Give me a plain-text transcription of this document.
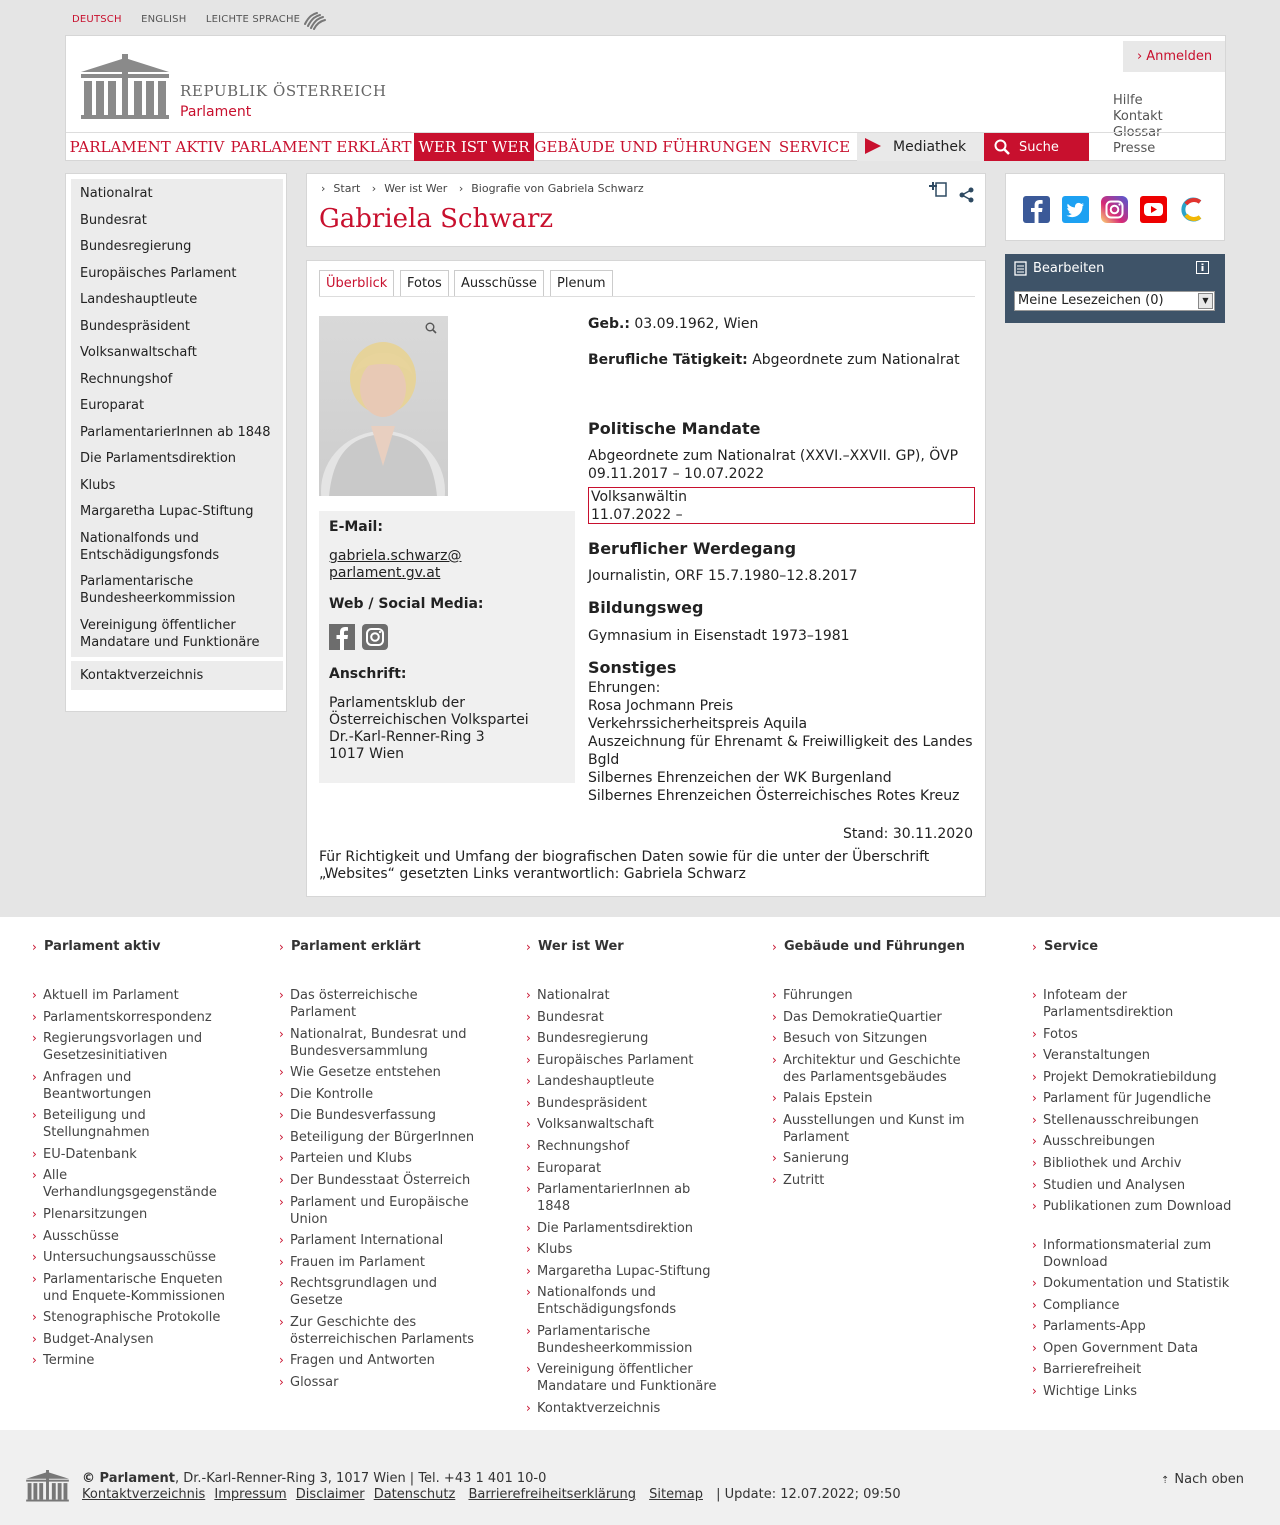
DEUTSCH ENGLISH LEICHTE SPRACHE
REPUBLIK ÖSTERREICH
Parlament
› Anmelden
Hilfe
Kontakt
Glossar
Presse
PARLAMENT AKTIV PARLAMENT ERKLÄRT WER IST WER GEBÄUDE UND FÜHRUNGEN SERVICE	Mediathek	Suche
Nationalrat
Bundesrat
Bundesregierung
Europäisches Parlament
Landeshauptleute
Bundespräsident
Volksanwaltschaft
Rechnungshof
Europarat
ParlamentarierInnen ab 1848
Die Parlamentsdirektion
Klubs
Margaretha Lupac-Stiftung
Nationalfonds und Entschädigungsfonds
Parlamentarische Bundesheerkommission
Vereinigung öffentlicher Mandatare und Funktionäre
Kontaktverzeichnis
› Start › Wer ist Wer › Biografie von Gabriela Schwarz
Gabriela Schwarz
Überblick	Fotos	Ausschüsse	Plenum
E-Mail:
gabriela.schwarz@
parlament.gv.at
Web / Social Media:
Anschrift:
Parlamentsklub der
Österreichischen Volkspartei
Dr.-Karl-Renner-Ring 3
1017 Wien
Geb.: 03.09.1962, Wien
Berufliche Tätigkeit: Abgeordnete zum Nationalrat
Politische Mandate
Abgeordnete zum Nationalrat (XXVI.–XXVII. GP), ÖVP
09.11.2017 – 10.07.2022
Volksanwältin
11.07.2022 –
Beruflicher Werdegang
Journalistin, ORF 15.7.1980–12.8.2017
Bildungsweg
Gymnasium in Eisenstadt 1973–1981
Sonstiges
Ehrungen:
Rosa Jochmann Preis
Verkehrssicherheitspreis Aquila
Auszeichnung für Ehrenamt & Freiwilligkeit des Landes
Bgld
Silbernes Ehrenzeichen der WK Burgenland
Silbernes Ehrenzeichen Österreichisches Rotes Kreuz
Stand: 30.11.2020
Für Richtigkeit und Umfang der biografischen Daten sowie für die unter der Überschrift
„Websites“ gesetzten Links verantwortlich: Gabriela Schwarz
Bearbeiten
Meine Lesezeichen (0)	▼
› Parlament aktiv
› Aktuell im Parlament
› Parlamentskorrespondenz
› Regierungsvorlagen und Gesetzesinitiativen
› Anfragen und Beantwortungen
› Beteiligung und Stellungnahmen
› EU-Datenbank
› Alle Verhandlungsgegenstände
› Plenarsitzungen
› Ausschüsse
› Untersuchungsausschüsse
› Parlamentarische Enqueten und Enquete-Kommissionen
› Stenographische Protokolle
› Budget-Analysen
› Termine
› Parlament erklärt
› Das österreichische Parlament
› Nationalrat, Bundesrat und Bundesversammlung
› Wie Gesetze entstehen
› Die Kontrolle
› Die Bundesverfassung
› Beteiligung der BürgerInnen
› Parteien und Klubs
› Der Bundesstaat Österreich
› Parlament und Europäische Union
› Parlament International
› Frauen im Parlament
› Rechtsgrundlagen und Gesetze
› Zur Geschichte des österreichischen Parlaments
› Fragen und Antworten
› Glossar
› Wer ist Wer
› Nationalrat
› Bundesrat
› Bundesregierung
› Europäisches Parlament
› Landeshauptleute
› Bundespräsident
› Volksanwaltschaft
› Rechnungshof
› Europarat
› ParlamentarierInnen ab 1848
› Die Parlamentsdirektion
› Klubs
› Margaretha Lupac-Stiftung
› Nationalfonds und Entschädigungsfonds
› Parlamentarische Bundesheerkommission
› Vereinigung öffentlicher Mandatare und Funktionäre
› Kontaktverzeichnis
› Gebäude und Führungen
› Führungen
› Das DemokratieQuartier
› Besuch von Sitzungen
› Architektur und Geschichte des Parlamentsgebäudes
› Palais Epstein
› Ausstellungen und Kunst im Parlament
› Sanierung
› Zutritt
› Service
› Infoteam der Parlamentsdirektion
› Fotos
› Veranstaltungen
› Projekt Demokratiebildung
› Parlament für Jugendliche
› Stellenausschreibungen
› Ausschreibungen
› Bibliothek und Archiv
› Studien und Analysen
› Publikationen zum Download
› Informationsmaterial zum Download
› Dokumentation und Statistik
› Compliance
› Parlaments-App
› Open Government Data
› Barrierefreiheit
› Wichtige Links
© Parlament, Dr.-Karl-Renner-Ring 3, 1017 Wien | Tel. +43 1 401 10-0
Kontaktverzeichnis Impressum Disclaimer Datenschutz Barrierefreiheitserklärung Sitemap | Update: 12.07.2022; 09:50
⇡ Nach oben
